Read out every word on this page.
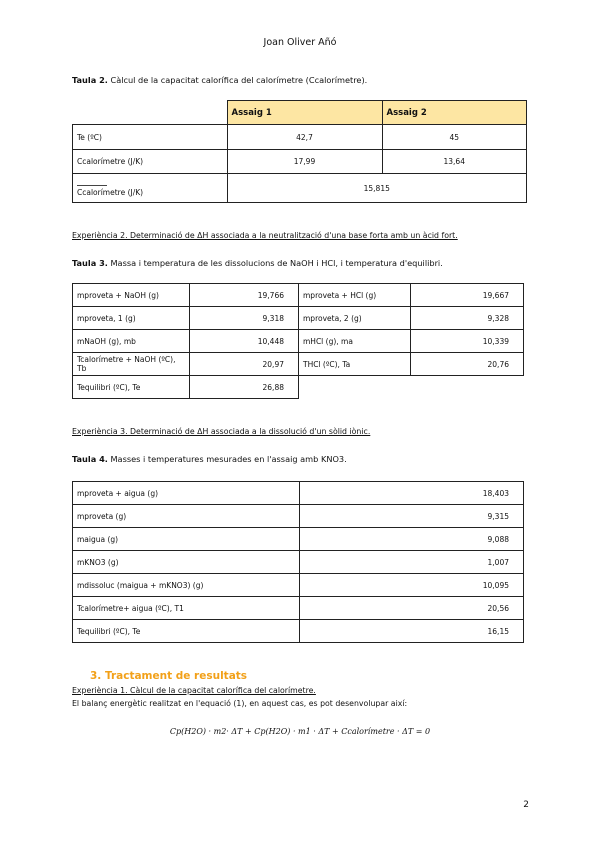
Joan Oliver Añó
Taula 2. Càlcul de la capacitat calorífica del calorímetre (Ccalorímetre).
	Assaig 1	Assaig 2
Te (ºC)	42,7	45
Ccalorímetre (J/K)	17,99	13,64

Ccalorímetre (J/K)	15,815	
Experiència 2. Determinació de ΔH associada a la neutralització d'una base forta amb un àcid fort.
Taula 3. Massa i temperatura de les dissolucions de NaOH i HCl, i temperatura d'equilibri.
mproveta + NaOH (g)	19,766	mproveta + HCl (g)	19,667
mproveta, 1 (g)	9,318	mproveta, 2 (g)	9,328
mNaOH (g), mb	10,448	mHCl (g), ma	10,339
Tcalorímetre + NaOH (ºC), Tb	20,97	THCl (ºC), Ta	20,76
Tequilibri (ºC), Te	26,88		
Experiència 3. Determinació de ΔH associada a la dissolució d'un sòlid iònic.
Taula 4. Masses i temperatures mesurades en l'assaig amb KNO3.
mproveta + aigua (g)	18,403
mproveta (g)	9,315
maigua (g)	9,088
mKNO3 (g)	1,007
mdissoluc (maigua + mKNO3) (g)	10,095
Tcalorímetre+ aigua (ºC), T1	20,56
Tequilibri (ºC), Te	16,15
3. Tractament de resultats
Experiència 1. Càlcul de la capacitat calorífica del calorímetre.
El balanç energètic realitzat en l'equació (1), en aquest cas, es pot desenvolupar així:
Cp(H2O) · m2· ΔT + Cp(H2O) · m1 · ΔT + Ccalorímetre · ΔT = 0
2
